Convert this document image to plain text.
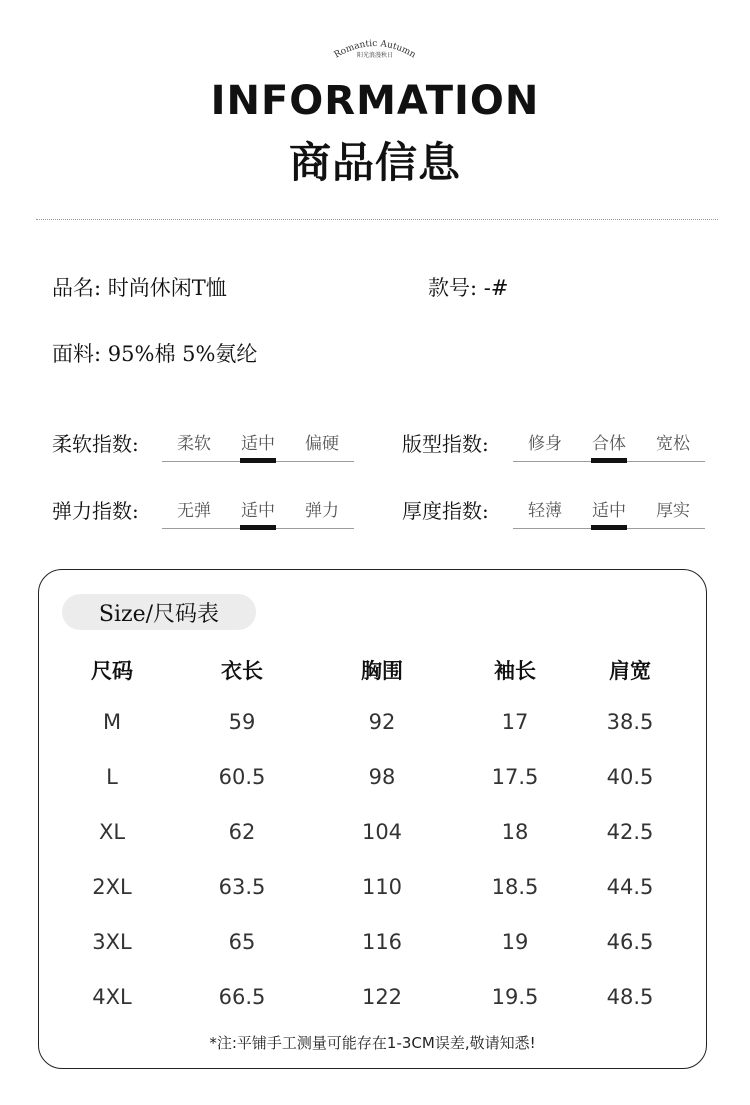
Romantic Autumn
阳光浪漫秋日
INFORMATION
商品信息
品名: 时尚休闲T恤	款号: -#
面料: 95%棉 5%氨纶
柔软指数:	柔软	适中	偏硬	版型指数:	修身	合体	宽松
弹力指数:	无弹	适中	弹力	厚度指数:	轻薄	适中	厚实
Size/尺码表
尺码	衣长	胸围	袖长	肩宽
M	59	92	17	38.5
L	60.5	98	17.5	40.5
XL	62	104	18	42.5
2XL	63.5	110	18.5	44.5
3XL	65	116	19	46.5
4XL	66.5	122	19.5	48.5
*注:平铺手工测量可能存在1-3CM误差,敬请知悉!
